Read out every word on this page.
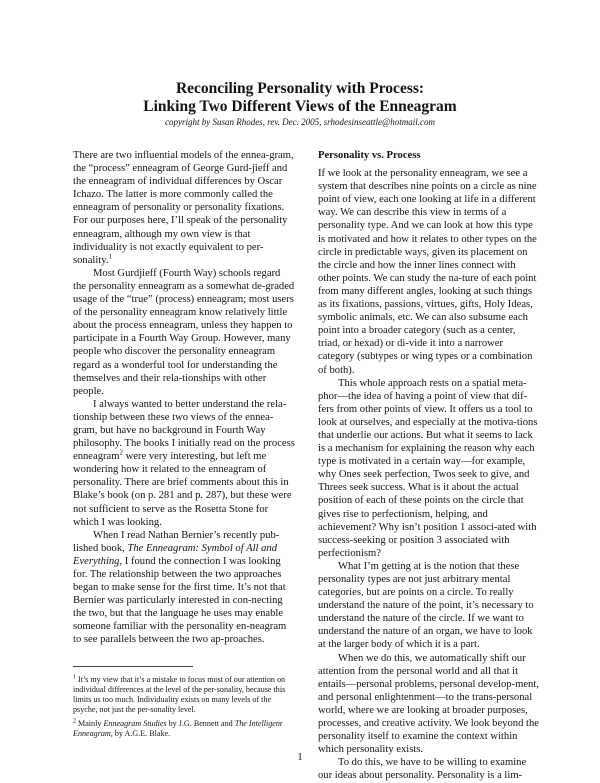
Reconciling Personality with Process:
Linking Two Different Views of the Enneagram
copyright by Susan Rhodes, rev. Dec. 2005, srhodesinseattle@hotmail.com

There are two influential models of the ennea-gram, the “process” enneagram of George Gurd-jieff and the enneagram of individual differences by Oscar Ichazo. The latter is more commonly called the enneagram of personality or personality fixations. For our purposes here, I’ll speak of the personality enneagram, although my own view is that individuality is not exactly equivalent to per-sonality.$^1$

Most Gurdjieff (Fourth Way) schools regard the personality enneagram as a somewhat de-graded usage of the “true” (process) enneagram; most users of the personality enneagram know relatively little about the process enneagram, unless they happen to participate in a Fourth Way Group. However, many people who discover the personality enneagram regard as a wonderful tool for understanding the themselves and their rela-tionships with other people.

I always wanted to better understand the rela-tionship between these two views of the ennea-gram, but have no background in Fourth Way philosophy. The books I initially read on the process enneagram$^2$ were very interesting, but left me wondering how it related to the enneagram of personality. There are brief comments about this in Blake’s book (on p. 281 and p. 287), but these were not sufficient to serve as the Rosetta Stone for which I was looking.

When I read Nathan Bernier’s recently pub-lished book, The Enneagram: Symbol of All and Everything, I found the connection I was looking for. The relationship between the two approaches began to make sense for the first time. It’s not that Bernier was particularly interested in con-necting the two, but that the language he uses may enable someone familiar with the personality en-neagram to see parallels between the two ap-proaches.

$^1$ It’s my view that it’s a mistake to focus most of our attention on individual differences at the level of the per-sonality, because this limits us too much. Individuality exists on many levels of the psyche, not just the per-sonality level.

$^2$ Mainly Enneagram Studies by J.G. Bennett and The Intelligent Enneagram, by A.G.E. Blake.

Personality vs. Process

If we look at the personality enneagram, we see a system that describes nine points on a circle as nine point of view, each one looking at life in a different way. We can describe this view in terms of a personality type. And we can look at how this type is motivated and how it relates to other types on the circle in predictable ways, given its placement on the circle and how the inner lines connect with other points. We can study the na-ture of each point from many different angles, looking at such things as its fixations, passions, virtues, gifts, Holy Ideas, symbolic animals, etc. We can also subsume each point into a broader category (such as a center, triad, or hexad) or di-vide it into a narrower category (subtypes or wing types or a combination of both).

This whole approach rests on a spatial meta-phor—the idea of having a point of view that dif-fers from other points of view. It offers us a tool to look at ourselves, and especially at the motiva-tions that underlie our actions. But what it seems to lack is a mechanism for explaining the reason why each type is motivated in a certain way—for example, why Ones seek perfection, Twos seek to give, and Threes seek success. What is it about the actual position of each of these points on the circle that gives rise to perfectionism, helping, and achievement? Why isn’t position 1 associ-ated with success-seeking or position 3 associated with perfectionism?

What I’m getting at is the notion that these personality types are not just arbitrary mental categories, but are points on a circle. To really understand the nature of the point, it’s necessary to understand the nature of the circle. If we want to understand the nature of an organ, we have to look at the larger body of which it is a part.

When we do this, we automatically shift our attention from the personal world and all that it entails—personal problems, personal develop-ment, and personal enlightenment—to the trans-personal world, where we are looking at broader purposes, processes, and creative activity. We look beyond the personality itself to examine the context within which personality exists.

To do this, we have to be willing to examine our ideas about personality. Personality is a lim-

1
